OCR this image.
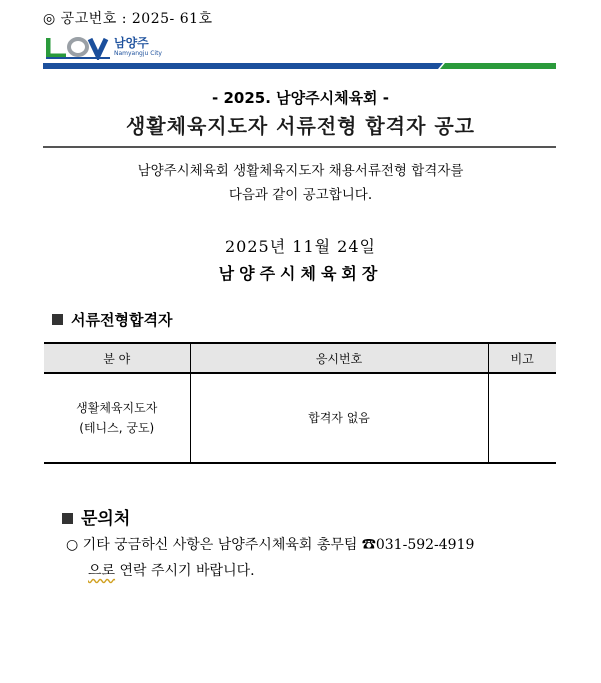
◎ 공고번호 : 2025- 61호
남양주
Namyangju City
- 2025. 남양주시체육회 -
생활체육지도자 서류전형 합격자 공고
남양주시체육회 생활체육지도자 채용서류전형 합격자를
다음과 같이 공고합니다.
2025년 11월 24일
남양주시체육회장
서류전형합격자
분 야	응시번호	비고
생활체육지도자
(테니스, 궁도)	합격자 없음	
문의처
○ 기타 궁금하신 사항은 남양주시체육회 총무팀 ☎031-592-4919
으로 연락 주시기 바랍니다.
